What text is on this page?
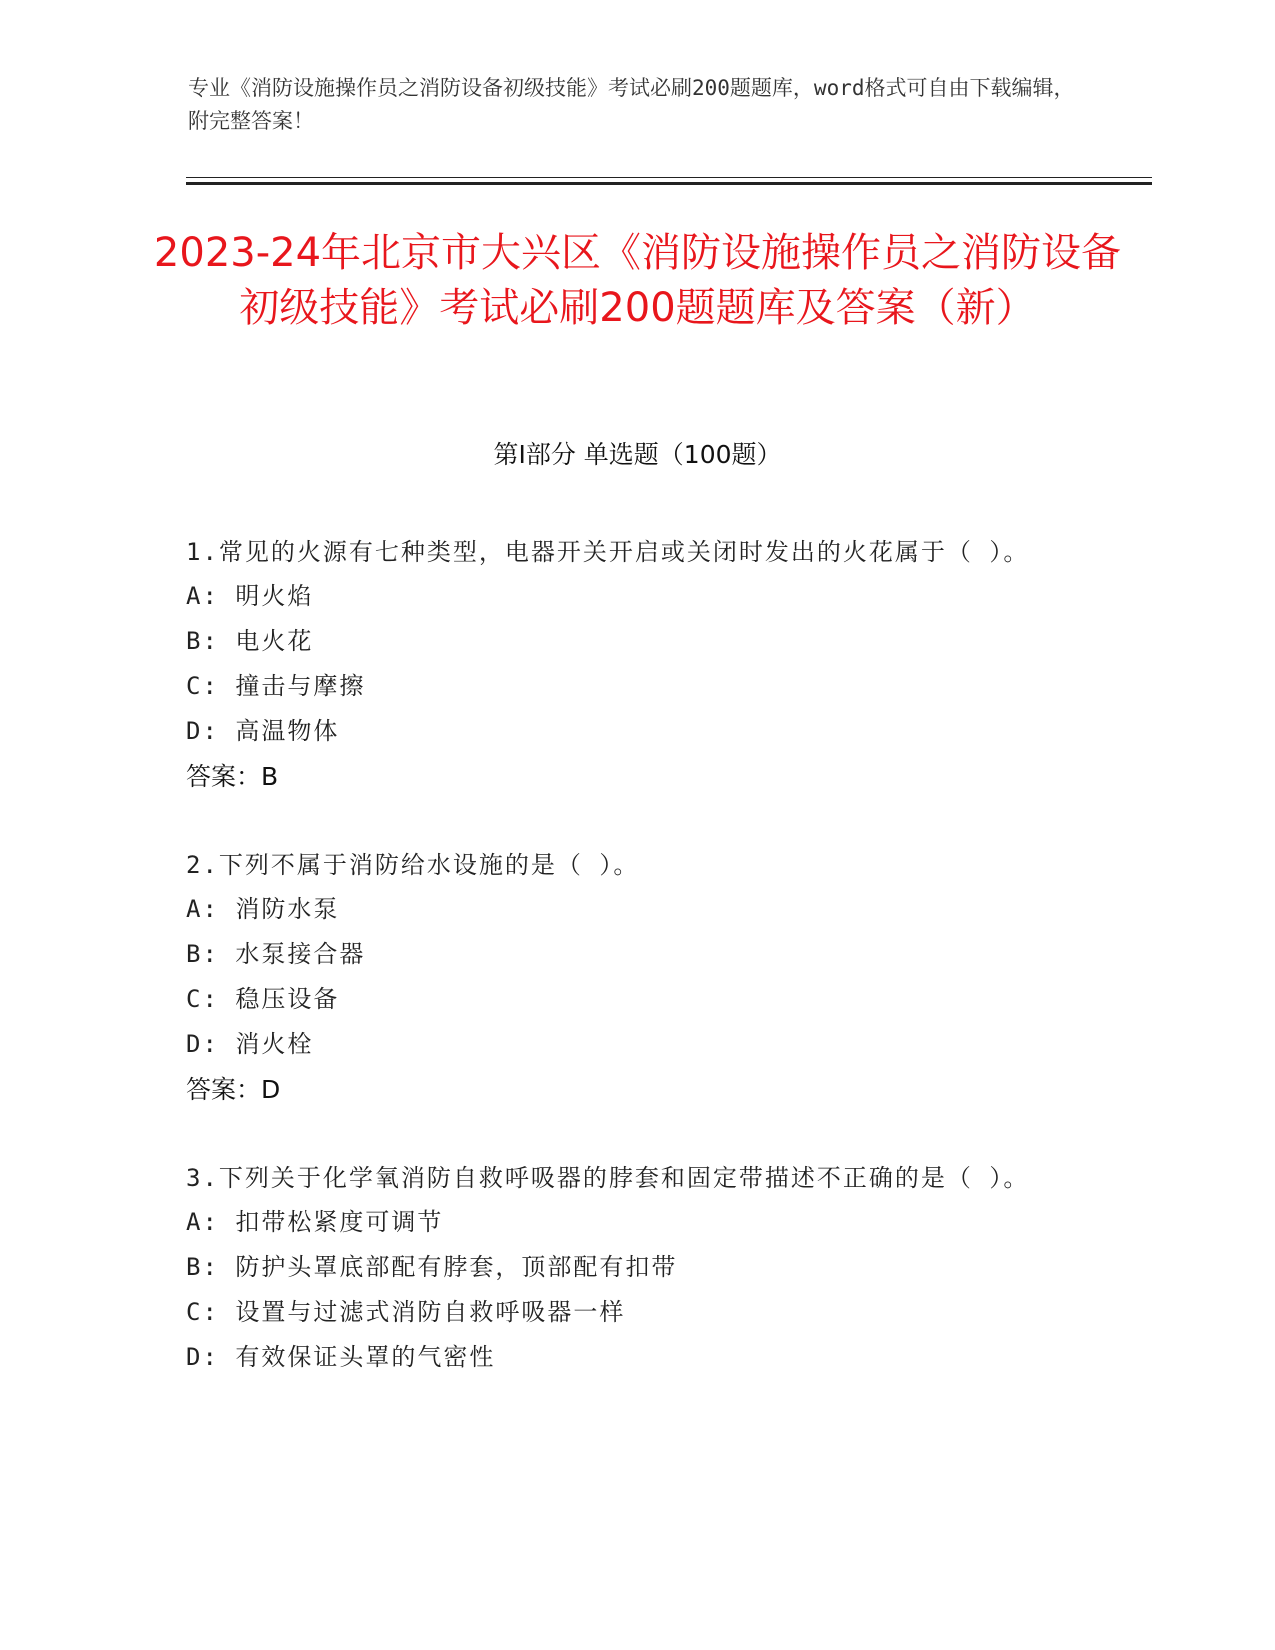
专业《消防设施操作员之消防设备初级技能》考试必刷200题题库，word格式可自由下载编辑，附完整答案！
2023-24年北京市大兴区《消防设施操作员之消防设备初级技能》考试必刷200题题库及答案（新）
第Ⅰ部分 单选题（100题）
1.常见的火源有七种类型，电器开关开启或关闭时发出的火花属于（ ）。
A: 明火焰
B: 电火花
C: 撞击与摩擦
D: 高温物体
答案：B
2.下列不属于消防给水设施的是（ ）。
A: 消防水泵
B: 水泵接合器
C: 稳压设备
D: 消火栓
答案：D
3.下列关于化学氧消防自救呼吸器的脖套和固定带描述不正确的是（ ）。
A: 扣带松紧度可调节
B: 防护头罩底部配有脖套，顶部配有扣带
C: 设置与过滤式消防自救呼吸器一样
D: 有效保证头罩的气密性
